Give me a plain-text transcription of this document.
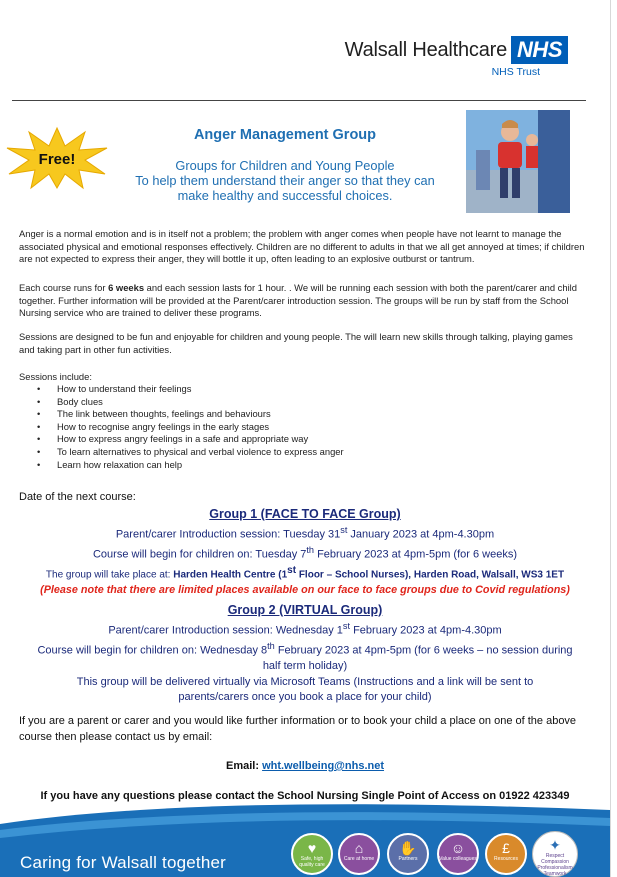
Walsall Healthcare NHS
NHS Trust
Free!
Anger Management Group
Groups for Children and Young People
To help them understand their anger so that they can
make healthy and successful choices.
Anger is a normal emotion and is in itself not a problem; the problem with anger comes when people have not learnt to manage the associated physical and emotional responses effectively. Children are no different to adults in that we all get annoyed at times; if children are not expected to express their anger, they will bottle it up, often leading to an explosive outburst or tantrum.
Each course runs for 6 weeks and each session lasts for 1 hour. . We will be running each session with both the parent/carer and child together. Further information will be provided at the Parent/carer introduction session. The groups will be run by staff from the School Nursing service who are trained to deliver these programs.
Sessions are designed to be fun and enjoyable for children and young people. The will learn new skills through talking, playing games and taking part in other fun activities.
Sessions include:
• How to understand their feelings
• Body clues
• The link between thoughts, feelings and behaviours
• How to recognise angry feelings in the early stages
• How to express angry feelings in a safe and appropriate way
• To learn alternatives to physical and verbal violence to express anger
• Learn how relaxation can help
Date of the next course:
Group 1 (FACE TO FACE Group)
Parent/carer Introduction session: Tuesday 31st January 2023 at 4pm-4.30pm
Course will begin for children on: Tuesday 7th February 2023 at 4pm-5pm (for 6 weeks)
The group will take place at: Harden Health Centre (1st Floor – School Nurses), Harden Road, Walsall, WS3 1ET
(Please note that there are limited places available on our face to face groups due to Covid regulations)
Group 2 (VIRTUAL Group)
Parent/carer Introduction session: Wednesday 1st February 2023 at 4pm-4.30pm
Course will begin for children on: Wednesday 8th February 2023 at 4pm-5pm (for 6 weeks – no session during
half term holiday)
This group will be delivered virtually via Microsoft Teams (Instructions and a link will be sent to
parents/carers once you book a place for your child)
If you are a parent or carer and you would like further information or to book your child a place on one of the above course then please contact us by email:
Email: wht.wellbeing@nhs.net
If you have any questions please contact the School Nursing Single Point of Access on 01922 423349
Caring for Walsall together
♥
Safe, high quality care
⌂
Care at home
✋
Partners
☺
Value colleagues
£
Resources
✦
Respect Compassion Professionalism Teamwork
